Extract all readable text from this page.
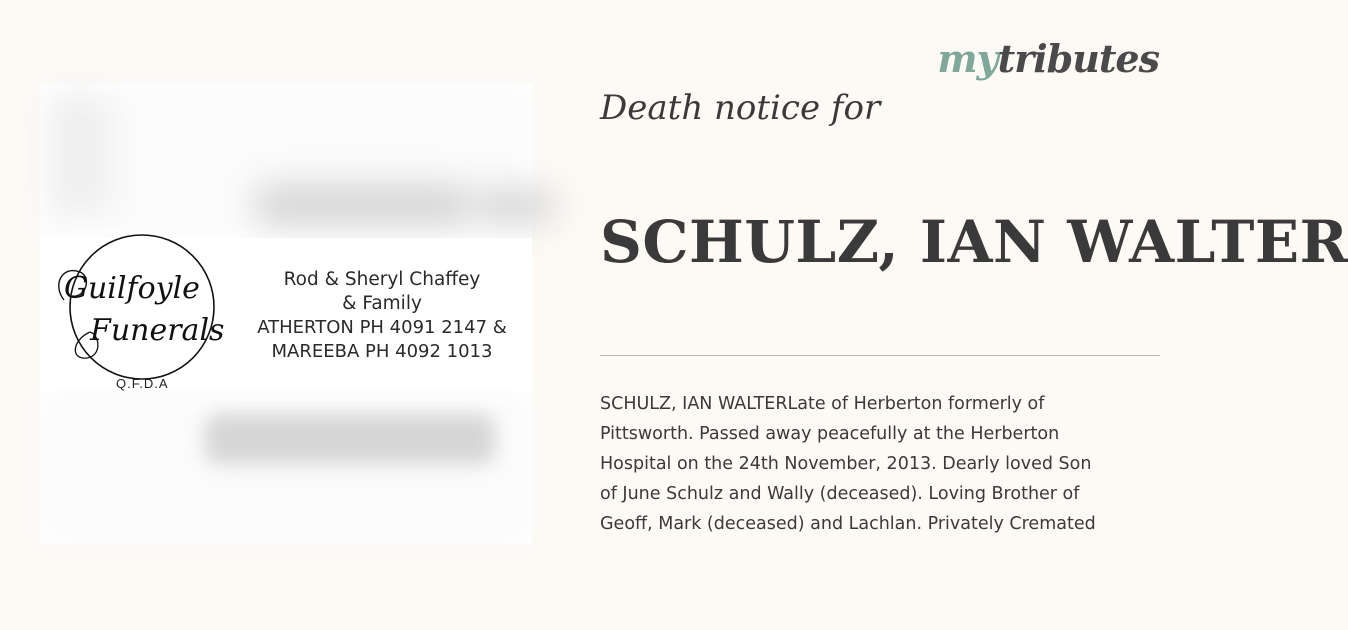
Guilfoyle
Funerals
Q.F.D.A
Rod & Sheryl Chaffey
& Family
ATHERTON PH 4091 2147 &
MAREEBA PH 4092 1013
mytributes
Death notice for
SCHULZ, IAN WALTER
SCHULZ, IAN WALTERLate of Herberton formerly of
Pittsworth. Passed away peacefully at the Herberton
Hospital on the 24th November, 2013. Dearly loved Son
of June Schulz and Wally (deceased). Loving Brother of
Geoff, Mark (deceased) and Lachlan. Privately Cremated
